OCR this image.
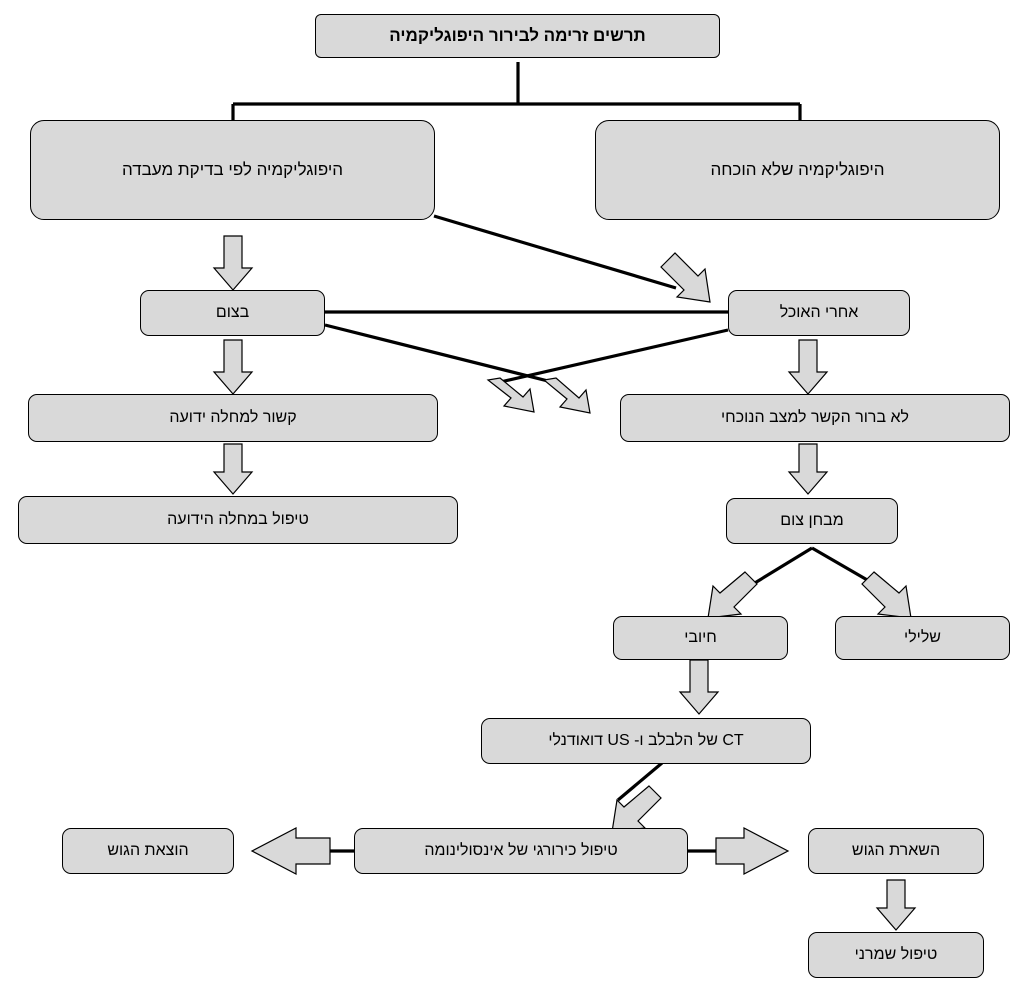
תרשים זרימה לבירור היפוגליקמיה
היפוגליקמיה לפי בדיקת מעבדה	היפוגליקמיה שלא הוכחה
בצום	אחרי האוכל
קשור למחלה ידועה	לא ברור הקשר למצב הנוכחי
טיפול במחלה הידועה	מבחן צום
חיובי	שלילי
CT של הלבלב ו- US דואודנלי
טיפול כירורגי של אינסולינומה
הוצאת הגוש	השארת הגוש
טיפול שמרני
